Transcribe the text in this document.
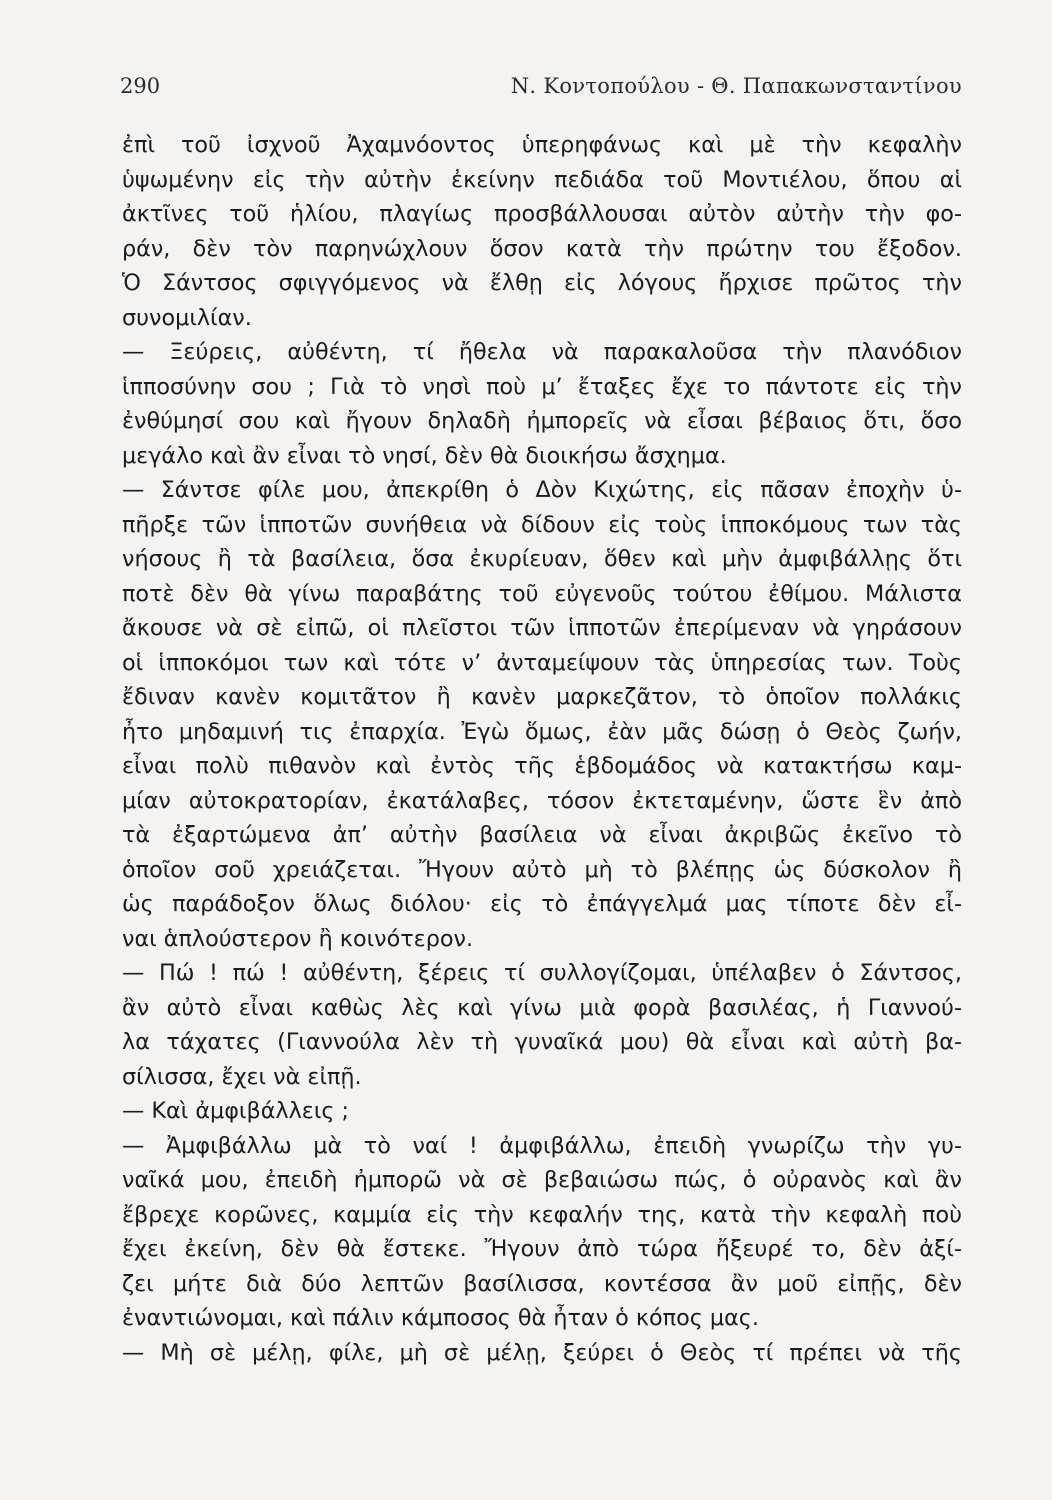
290	Ν. Κοντοπούλου - Θ. Παπακωνσταντίνου
ἐπὶ τοῦ ἰσχνοῦ Ἀχαμνόοντος ὑπερηφάνως καὶ μὲ τὴν κεφαλὴν
ὑψωμένην εἰς τὴν αὐτὴν ἐκείνην πεδιάδα τοῦ Μοντιέλου, ὅπου αἱ
ἀκτῖνες τοῦ ἡλίου, πλαγίως προσβάλλουσαι αὐτὸν αὐτὴν τὴν φο-
ράν, δὲν τὸν παρηνώχλουν ὅσον κατὰ τὴν πρώτην του ἔξοδον.
Ὁ Σάντσος σφιγγόμενος νὰ ἔλθῃ εἰς λόγους ἤρχισε πρῶτος τὴν
συνομιλίαν.
— Ξεύρεις, αὐθέντη, τί ἤθελα νὰ παρακαλοῦσα τὴν πλανόδιον
ἱπποσύνην σου ; Γιὰ τὸ νησὶ ποὺ μ’ ἔταξες ἔχε το πάντοτε εἰς τὴν
ἐνθύμησί σου καὶ ἤγουν δηλαδὴ ἠμπορεῖς νὰ εἶσαι βέβαιος ὅτι, ὅσο
μεγάλο καὶ ἂν εἶναι τὸ νησί, δὲν θὰ διοικήσω ἄσχημα.
— Σάντσε φίλε μου, ἀπεκρίθη ὁ Δὸν Κιχώτης, εἰς πᾶσαν ἐποχὴν ὑ-
πῆρξε τῶν ἱπποτῶν συνήθεια νὰ δίδουν εἰς τοὺς ἱπποκόμους των τὰς
νήσους ἢ τὰ βασίλεια, ὅσα ἐκυρίευαν, ὅθεν καὶ μὴν ἀμφιβάλλῃς ὅτι
ποτὲ δὲν θὰ γίνω παραβάτης τοῦ εὐγενοῦς τούτου ἐθίμου. Μάλιστα
ἄκουσε νὰ σὲ εἰπῶ, οἱ πλεῖστοι τῶν ἱπποτῶν ἐπερίμεναν νὰ γηράσουν
οἱ ἱπποκόμοι των καὶ τότε ν’ ἀνταμείψουν τὰς ὑπηρεσίας των. Τοὺς
ἔδιναν κανὲν κομιτᾶτον ἢ κανὲν μαρκεζᾶτον, τὸ ὁποῖον πολλάκις
ἦτο μηδαμινή τις ἐπαρχία. Ἐγὼ ὅμως, ἐὰν μᾶς δώσῃ ὁ Θεὸς ζωήν,
εἶναι πολὺ πιθανὸν καὶ ἐντὸς τῆς ἑβδομάδος νὰ κατακτήσω καμ-
μίαν αὐτοκρατορίαν, ἐκατάλαβες, τόσον ἐκτεταμένην, ὥστε ἓν ἀπὸ
τὰ ἐξαρτώμενα ἀπ’ αὐτὴν βασίλεια νὰ εἶναι ἀκριβῶς ἐκεῖνο τὸ
ὁποῖον σοῦ χρειάζεται. Ἤγουν αὐτὸ μὴ τὸ βλέπῃς ὡς δύσκολον ἢ
ὡς παράδοξον ὅλως διόλου· εἰς τὸ ἐπάγγελμά μας τίποτε δὲν εἶ-
ναι ἁπλούστερον ἢ κοινότερον.
— Πώ ! πώ ! αὐθέντη, ξέρεις τί συλλογίζομαι, ὑπέλαβεν ὁ Σάντσος,
ἂν αὐτὸ εἶναι καθὼς λὲς καὶ γίνω μιὰ φορὰ βασιλέας, ἡ Γιαννού-
λα τάχατες (Γιαννούλα λὲν τὴ γυναῖκά μου) θὰ εἶναι καὶ αὐτὴ βα-
σίλισσα, ἔχει νὰ εἰπῇ.
— Καὶ ἀμφιβάλλεις ;
— Ἀμφιβάλλω μὰ τὸ ναί ! ἀμφιβάλλω, ἐπειδὴ γνωρίζω τὴν γυ-
ναῖκά μου, ἐπειδὴ ἠμπορῶ νὰ σὲ βεβαιώσω πώς, ὁ οὐρανὸς καὶ ἂν
ἔβρεχε κορῶνες, καμμία εἰς τὴν κεφαλήν της, κατὰ τὴν κεφαλὴ ποὺ
ἔχει ἐκείνη, δὲν θὰ ἔστεκε. Ἤγουν ἀπὸ τώρα ἤξευρέ το, δὲν ἀξί-
ζει μήτε διὰ δύο λεπτῶν βασίλισσα, κοντέσσα ἂν μοῦ εἰπῇς, δὲν
ἐναντιώνομαι, καὶ πάλιν κάμποσος θὰ ἦταν ὁ κόπος μας.
— Μὴ σὲ μέλῃ, φίλε, μὴ σὲ μέλῃ, ξεύρει ὁ Θεὸς τί πρέπει νὰ τῆς
